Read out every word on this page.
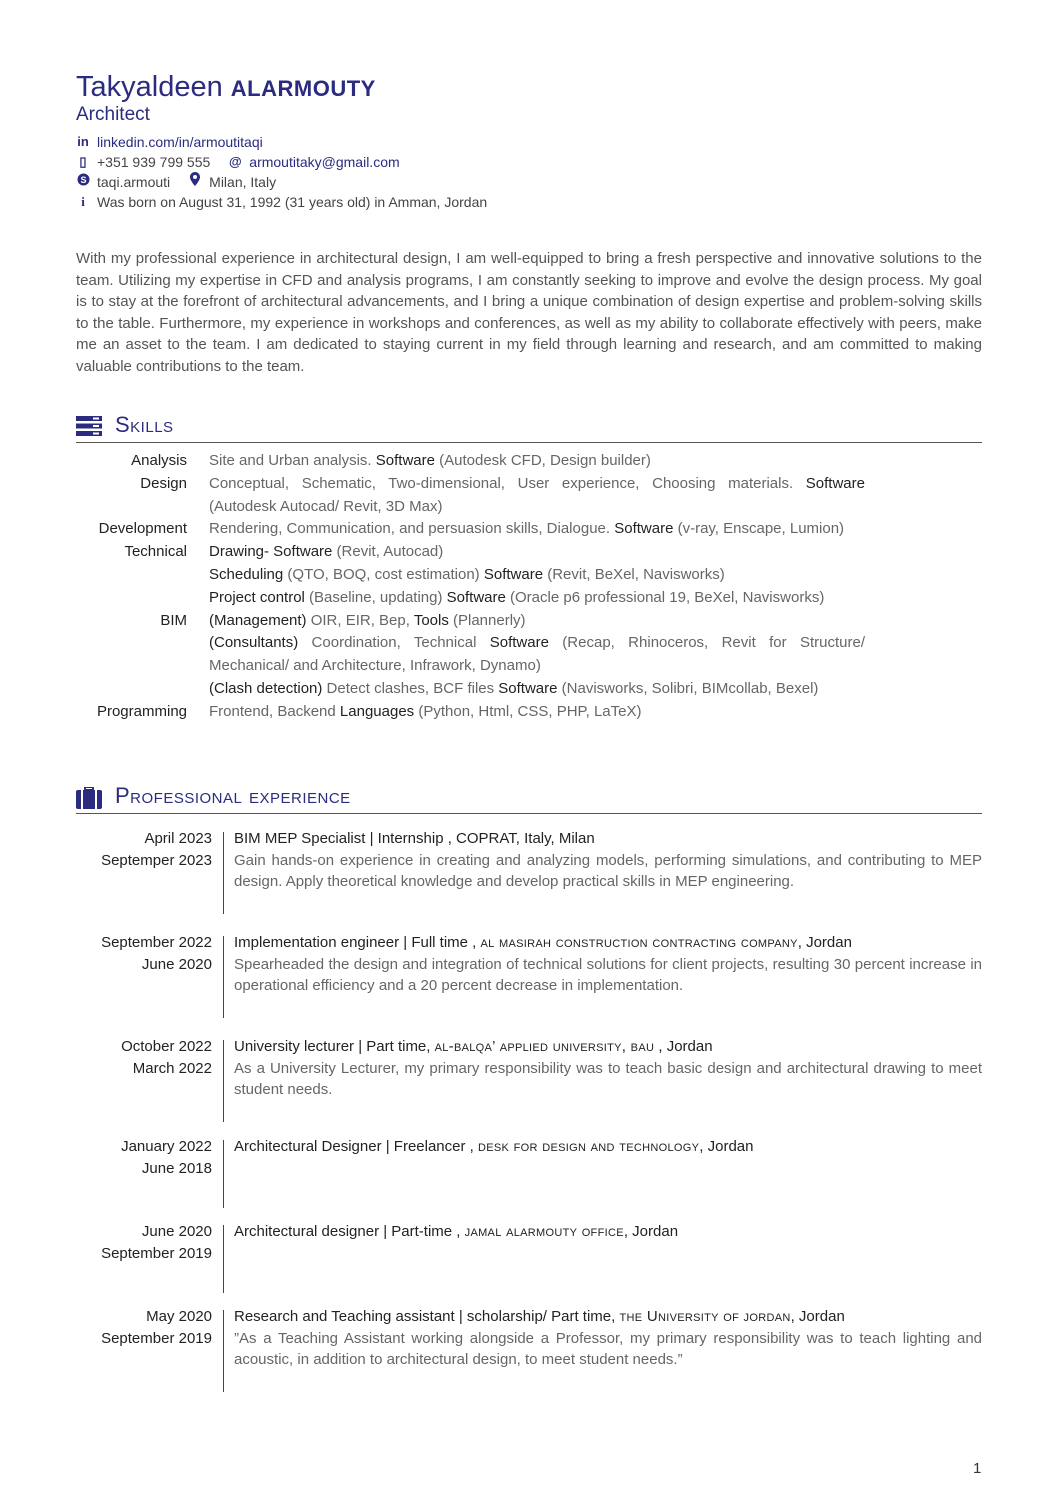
Takyaldeen ALARMOUTY
Architect
in linkedin.com/in/armoutitaqi
▯ +351 939 799 555 @ armoutitaky@gmail.com
S taqi.armouti	Milan, Italy
i Was born on August 31, 1992 (31 years old) in Amman, Jordan
With my professional experience in architectural design, I am well-equipped to bring a fresh perspective and innovative solutions to the team. Utilizing my expertise in CFD and analysis programs, I am constantly seeking to improve and evolve the design process. My goal is to stay at the forefront of architectural advancements, and I bring a unique combination of design expertise and problem-solving skills to the table. Furthermore, my experience in workshops and conferences, as well as my ability to collaborate effectively with peers, make me an asset to the team. I am dedicated to staying current in my field through learning and research, and am committed to making valuable contributions to the team.
Skills
Analysis Site and Urban analysis. Software (Autodesk CFD, Design builder)
Design Conceptual, Schematic, Two-dimensional, User experience, Choosing materials. Software (Autodesk Autocad/ Revit, 3D Max)
Development Rendering, Communication, and persuasion skills, Dialogue. Software (v-ray, Enscape, Lumion)
Technical Drawing- Software (Revit, Autocad)
Scheduling (QTO, BOQ, cost estimation) Software (Revit, BeXel, Navisworks)
Project control (Baseline, updating) Software (Oracle p6 professional 19, BeXel, Navisworks)
BIM (Management) OIR, EIR, Bep, Tools (Plannerly)
(Consultants) Coordination, Technical Software (Recap, Rhinoceros, Revit for Structure/ Mechanical/ and Architecture, Infrawork, Dynamo)
(Clash detection) Detect clashes, BCF files Software (Navisworks, Solibri, BIMcollab, Bexel)
Programming Frontend, Backend Languages (Python, Html, CSS, PHP, LaTeX)
Professional experience
April 2023
Septemper 2023
BIM MEP Specialist | Internship , COPRAT, Italy, Milan
Gain hands-on experience in creating and analyzing models, performing simulations, and contributing to MEP design. Apply theoretical knowledge and develop practical skills in MEP engineering.
September 2022
June 2020
Implementation engineer | Full time , al masirah construction contracting company, Jordan
Spearheaded the design and integration of technical solutions for client projects, resulting 30 percent increase in operational efficiency and a 20 percent decrease in implementation.
October 2022
March 2022
University lecturer | Part time, al-balqa’ applied university, bau , Jordan
As a University Lecturer, my primary responsibility was to teach basic design and architectural drawing to meet student needs.
January 2022
June 2018
Architectural Designer | Freelancer , desk for design and technology, Jordan
June 2020
September 2019
Architectural designer | Part-time , jamal alarmouty office, Jordan
May 2020
September 2019
Research and Teaching assistant | scholarship/ Part time, the University of jordan, Jordan
”As a Teaching Assistant working alongside a Professor, my primary responsibility was to teach lighting and acoustic, in addition to architectural design, to meet student needs.”
1
